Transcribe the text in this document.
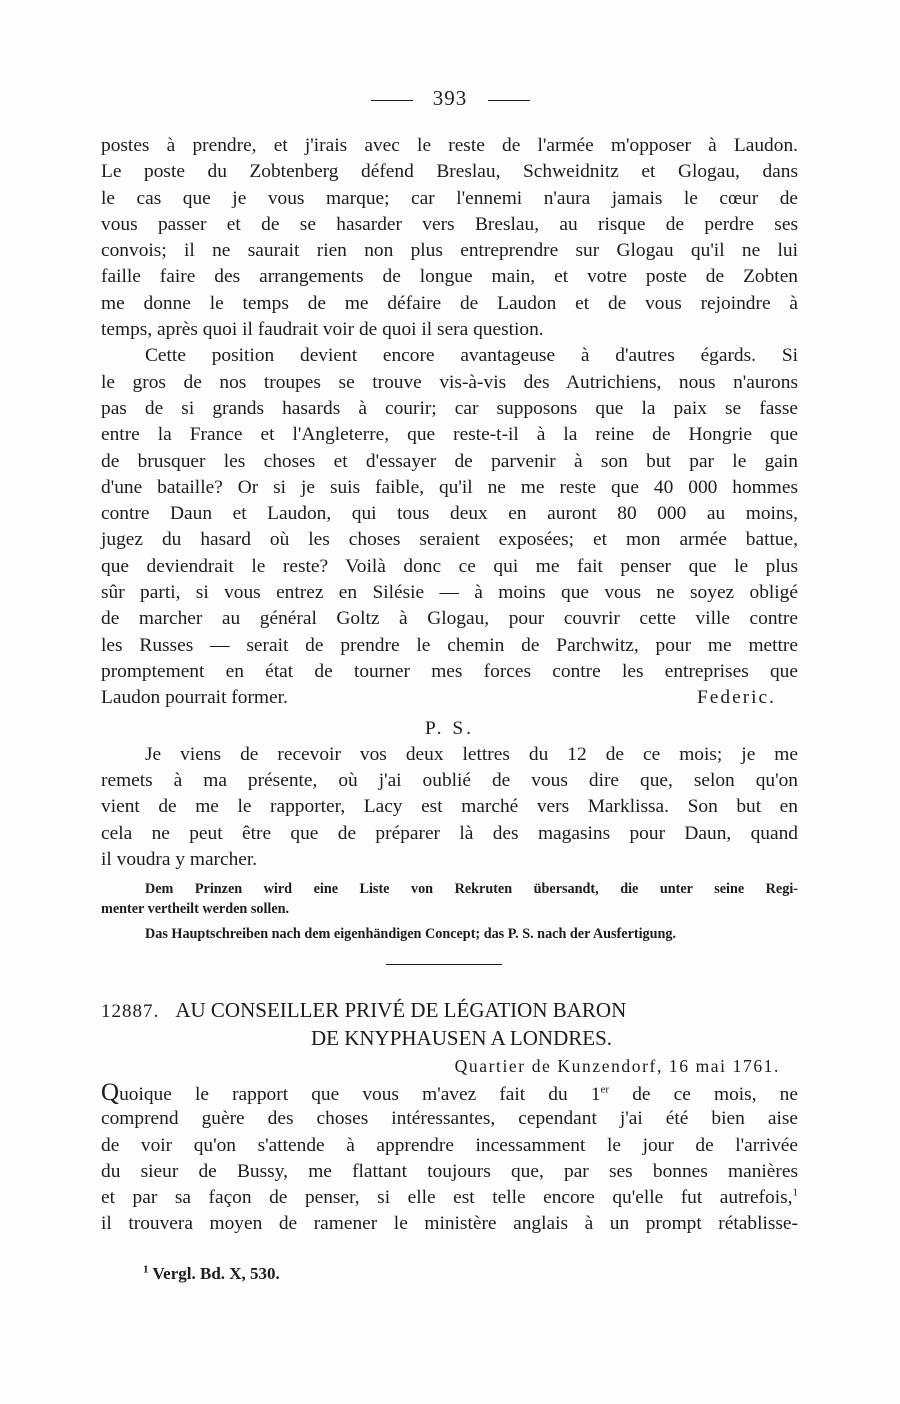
393
postes à prendre, et j'irais avec le reste de l'armée m'opposer à Laudon.
Le poste du Zobtenberg défend Breslau, Schweidnitz et Glogau, dans
le cas que je vous marque; car l'ennemi n'aura jamais le cœur de
vous passer et de se hasarder vers Breslau, au risque de perdre ses
convois; il ne saurait rien non plus entreprendre sur Glogau qu'il ne lui
faille faire des arrangements de longue main, et votre poste de Zobten
me donne le temps de me défaire de Laudon et de vous rejoindre à
temps, après quoi il faudrait voir de quoi il sera question.
Cette position devient encore avantageuse à d'autres égards. Si
le gros de nos troupes se trouve vis-à-vis des Autrichiens, nous n'aurons
pas de si grands hasards à courir; car supposons que la paix se fasse
entre la France et l'Angleterre, que reste-t-il à la reine de Hongrie que
de brusquer les choses et d'essayer de parvenir à son but par le gain
d'une bataille? Or si je suis faible, qu'il ne me reste que 40 000 hommes
contre Daun et Laudon, qui tous deux en auront 80 000 au moins,
jugez du hasard où les choses seraient exposées; et mon armée battue,
que deviendrait le reste? Voilà donc ce qui me fait penser que le plus
sûr parti, si vous entrez en Silésie — à moins que vous ne soyez obligé
de marcher au général Goltz à Glogau, pour couvrir cette ville contre
les Russes — serait de prendre le chemin de Parchwitz, pour me mettre
promptement en état de tourner mes forces contre les entreprises que
Laudon pourrait former.	Federic.
P. S.
Je viens de recevoir vos deux lettres du 12 de ce mois; je me
remets à ma présente, où j'ai oublié de vous dire que, selon qu'on
vient de me le rapporter, Lacy est marché vers Marklissa. Son but en
cela ne peut être que de préparer là des magasins pour Daun, quand
il voudra y marcher.
Dem Prinzen wird eine Liste von Rekruten übersandt, die unter seine Regi-
menter vertheilt werden sollen.
Das Hauptschreiben nach dem eigenhändigen Concept; das P. S. nach der Ausfertigung.
12887. AU CONSEILLER PRIVÉ DE LÉGATION BARON
DE KNYPHAUSEN A LONDRES.
Quartier de Kunzendorf, 16 mai 1761.
Quoique le rapport que vous m'avez fait du 1er de ce mois, ne
comprend guère des choses intéressantes, cependant j'ai été bien aise
de voir qu'on s'attende à apprendre incessamment le jour de l'arrivée
du sieur de Bussy, me flattant toujours que, par ses bonnes manières
et par sa façon de penser, si elle est telle encore qu'elle fut autrefois,$^1$
il trouvera moyen de ramener le ministère anglais à un prompt rétablisse-
$^1$ Vergl. Bd. X, 530.
